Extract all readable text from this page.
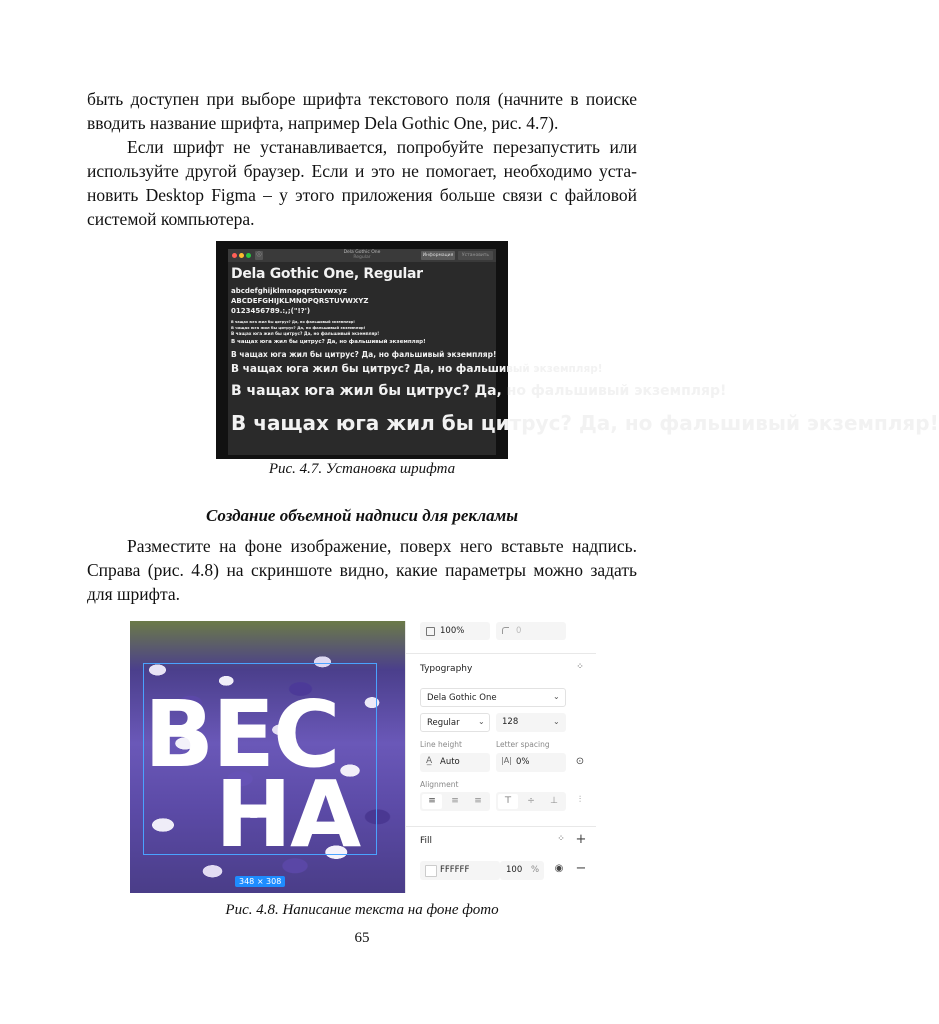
быть доступен при выборе шрифта текстового поля (начните в поиске
вводить название шрифта, например Dela Gothic One, рис. 4.7).
Если шрифт не устанавливается, попробуйте перезапустить или
используйте другой браузер. Если и это не помогает, необходимо уста-
новить Desktop Figma – у этого приложения больше связи с файловой
системой компьютера.
ⓘ	Dela Gothic One
Regular	Информация	Установить
Dela Gothic One, Regular
abcdefghijklmnopqrstuvwxyz
ABCDEFGHIJKLMNOPQRSTUVWXYZ
0123456789.:,;("!?')
В чащах юга жил бы цитрус? Да, но фальшивый экземпляр!
В чащах юга жил бы цитрус? Да, но фальшивый экземпляр!
В чащах юга жил бы цитрус? Да, но фальшивый экземпляр!
В чащах юга жил бы цитрус? Да, но фальшивый экземпляр!
В чащах юга жил бы цитрус? Да, но фальшивый экземпляр!
В чащах юга жил бы цитрус? Да, но фальшивый экземпляр!
В чащах юга жил бы цитрус? Да, но фальшивый экземпляр!
В чащах юга жил бы цитрус? Да, но фальшивый экземпляр!
Рис. 4.7. Установка шрифта
Создание объемной надписи для рекламы
Разместите на фоне изображение, поверх него вставьте надпись.
Справа (рис. 4.8) на скриншоте видно, какие параметры можно задать
для шрифта.
ВЕС
НА
348 × 308
100%	0
Typography	⁘
Dela Gothic One	⌄
Regular	⌄	128	⌄
Line height	Letter spacing
Auto
A̲	0%
|A|	⊙
Alignment
≡	≡	≡	⊤	÷	⊥	⫶
Fill	⁘ +
FFFFFF	100 %	◉ −
Рис. 4.8. Написание текста на фоне фото
65
